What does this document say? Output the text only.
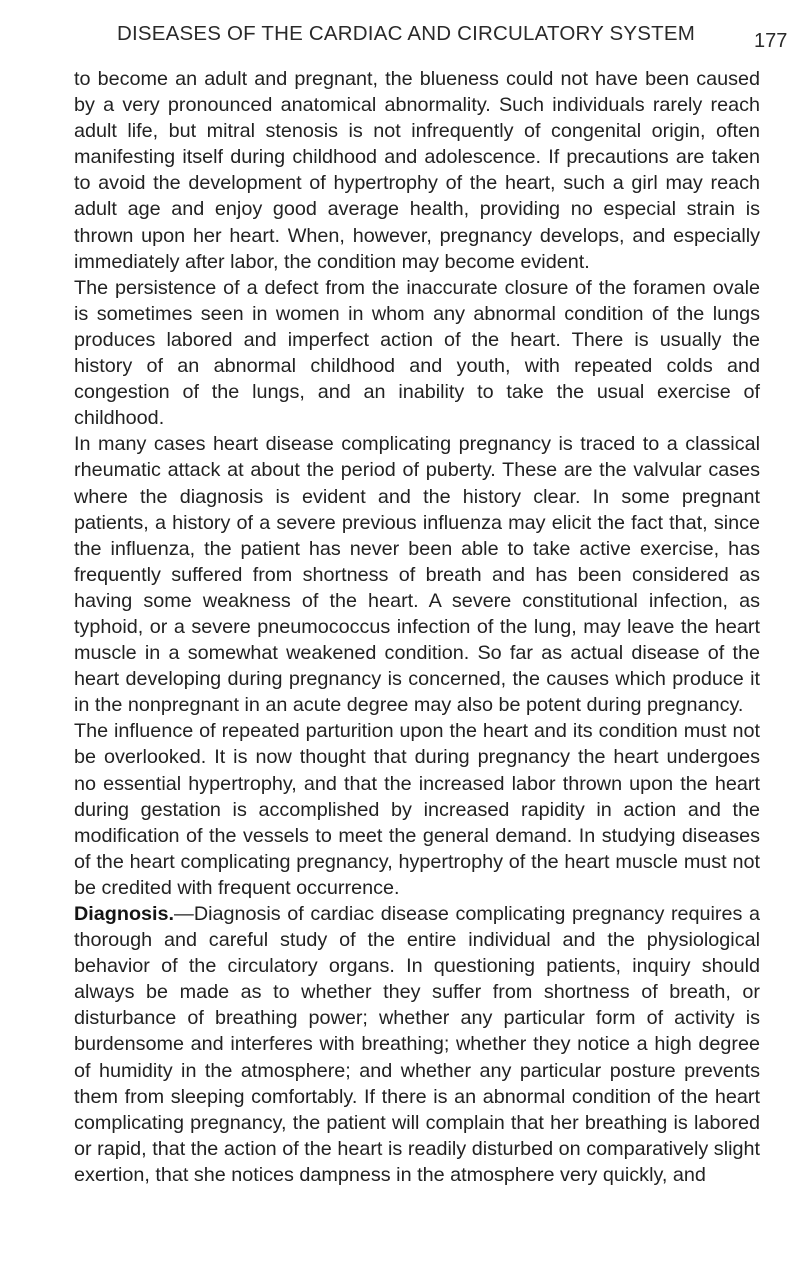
DISEASES OF THE CARDIAC AND CIRCULATORY SYSTEM	177

to become an adult and pregnant, the blueness could not have been caused by a very pronounced anatomical abnormality. Such individuals rarely reach adult life, but mitral stenosis is not infrequently of congenital origin, often manifesting itself during childhood and adolescence. If precautions are taken to avoid the development of hypertrophy of the heart, such a girl may reach adult age and enjoy good average health, providing no especial strain is thrown upon her heart. When, however, pregnancy develops, and especially immediately after labor, the condition may become evident.

The persistence of a defect from the inaccurate closure of the foramen ovale is sometimes seen in women in whom any abnormal condition of the lungs produces labored and imperfect action of the heart. There is usually the history of an abnormal childhood and youth, with repeated colds and congestion of the lungs, and an inability to take the usual exercise of childhood.

In many cases heart disease complicating pregnancy is traced to a classical rheumatic attack at about the period of puberty. These are the valvular cases where the diagnosis is evident and the history clear. In some pregnant patients, a history of a severe previous influenza may elicit the fact that, since the influenza, the patient has never been able to take active exercise, has frequently suffered from shortness of breath and has been considered as having some weakness of the heart. A severe constitutional infection, as typhoid, or a severe pneumococcus infection of the lung, may leave the heart muscle in a somewhat weakened condition. So far as actual disease of the heart developing during pregnancy is concerned, the causes which produce it in the nonpregnant in an acute degree may also be potent during pregnancy.

The influence of repeated parturition upon the heart and its condition must not be overlooked. It is now thought that during pregnancy the heart undergoes no essential hypertrophy, and that the increased labor thrown upon the heart during gestation is accomplished by increased rapidity in action and the modification of the vessels to meet the general demand. In studying diseases of the heart complicating pregnancy, hypertrophy of the heart muscle must not be credited with frequent occurrence.

Diagnosis.—Diagnosis of cardiac disease complicating pregnancy requires a thorough and careful study of the entire individual and the physiological behavior of the circulatory organs. In questioning patients, inquiry should always be made as to whether they suffer from shortness of breath, or disturbance of breathing power; whether any particular form of activity is burdensome and interferes with breathing; whether they notice a high degree of humidity in the atmosphere; and whether any particular posture prevents them from sleeping comfortably. If there is an abnormal condition of the heart complicating pregnancy, the patient will complain that her breathing is labored or rapid, that the action of the heart is readily disturbed on comparatively slight exertion, that she notices dampness in the atmosphere very quickly, and
